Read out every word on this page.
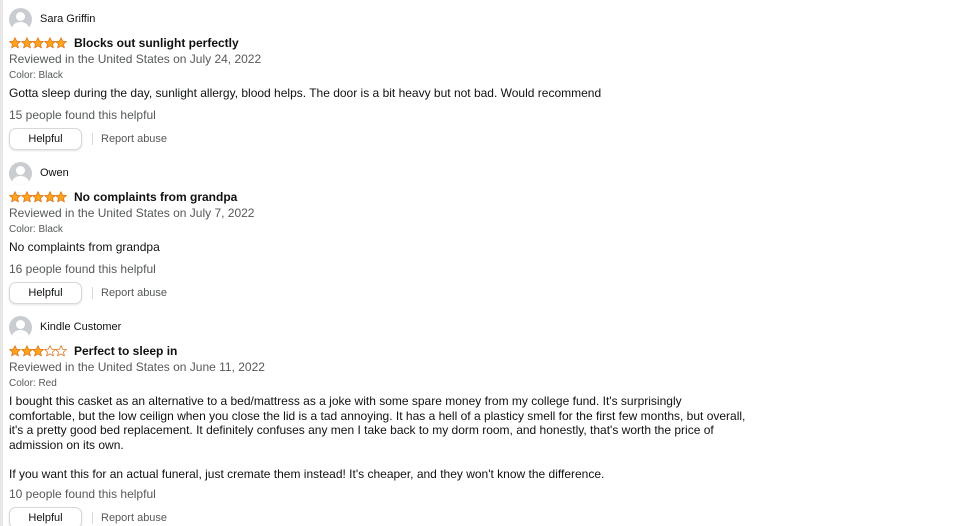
Sara Griffin
Blocks out sunlight perfectly
Reviewed in the United States on July 24, 2022
Color: Black
Gotta sleep during the day, sunlight allergy, blood helps. The door is a bit heavy but not bad. Would recommend
15 people found this helpful
Helpful	Report abuse
Owen
No complaints from grandpa
Reviewed in the United States on July 7, 2022
Color: Black
No complaints from grandpa
16 people found this helpful
Helpful	Report abuse
Kindle Customer
Perfect to sleep in
Reviewed in the United States on June 11, 2022
Color: Red
I bought this casket as an alternative to a bed/mattress as a joke with some spare money from my college fund. It's surprisingly comfortable, but the low ceilign when you close the lid is a tad annoying. It has a hell of a plasticy smell for the first few months, but overall, it's a pretty good bed replacement. It definitely confuses any men I take back to my dorm room, and honestly, that's worth the price of admission on its own.

If you want this for an actual funeral, just cremate them instead! It's cheaper, and they won't know the difference.
10 people found this helpful
Helpful	Report abuse
